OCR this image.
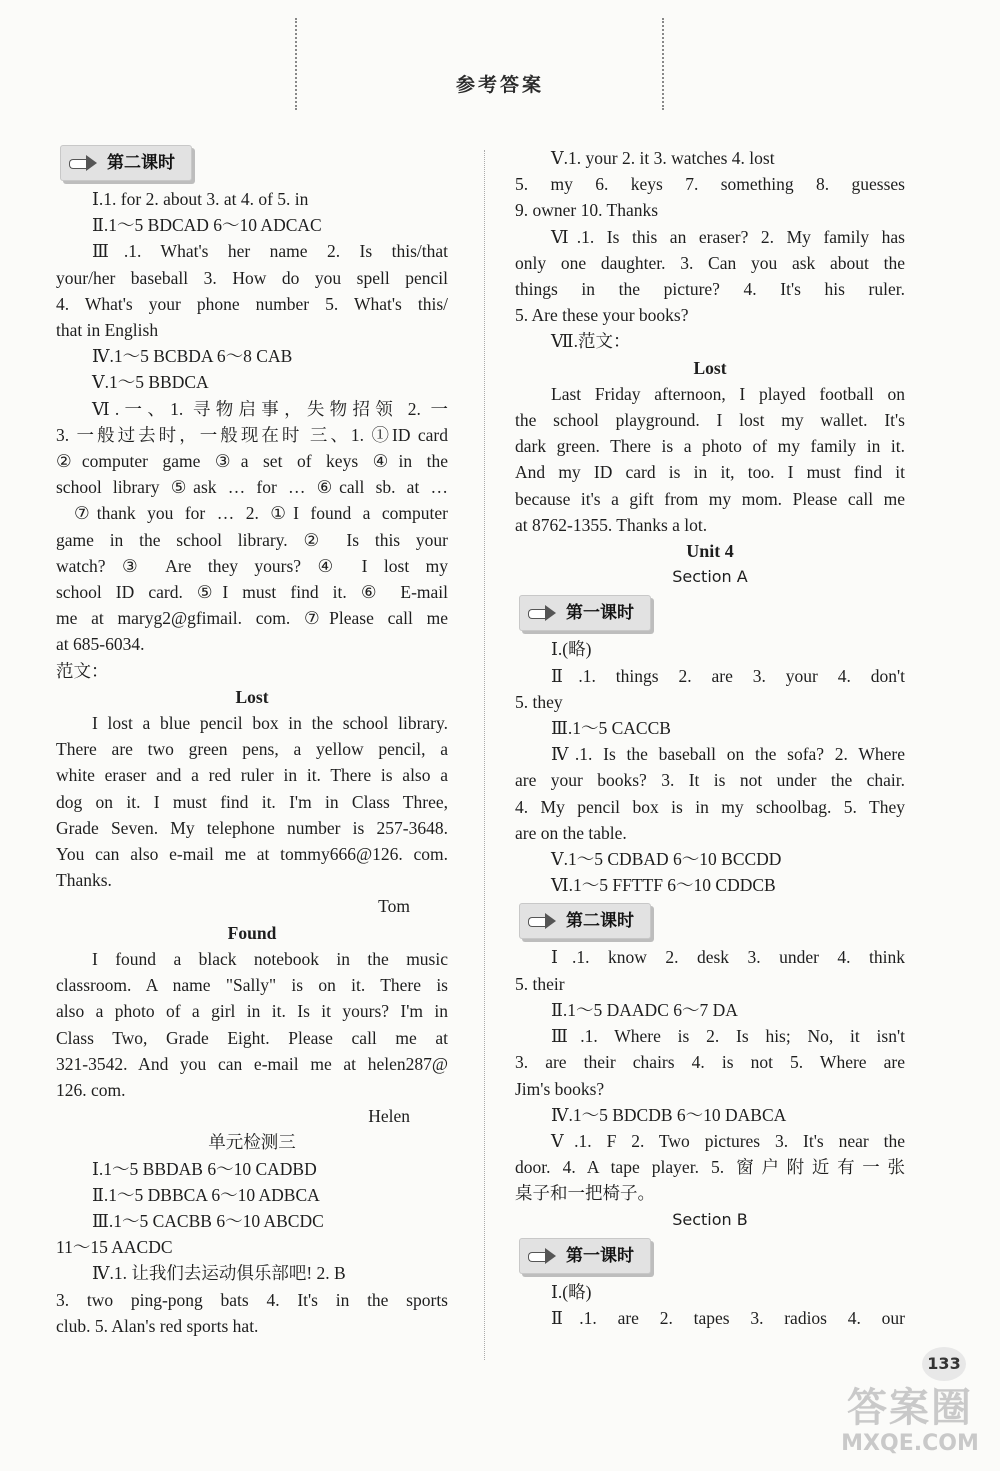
参考答案
第二课时
Ⅰ.1. for 2. about 3. at 4. of 5. in
Ⅱ.1～5 BDCAD 6～10 ADCAC
Ⅲ.1. What's her name 2. Is this/that
your/her baseball 3. How do you spell pencil
4. What's your phone number 5. What's this/
that in English
Ⅳ.1～5 BCBDA 6～8 CAB
Ⅴ.1～5 BBDCA
Ⅵ.一、1. 寻物启事，失物招领 2. 一
3. 一般过去时，一般现在时 三、1. ①ID card
②computer game ③a set of keys ④in the
school library ⑤ask … for … ⑥call sb. at …
⑦thank you for … 2. ①I found a computer
game in the school library. ② Is this your
watch? ③ Are they yours? ④ I lost my
school ID card. ⑤I must find it. ⑥ E-mail
me at maryg2@gfimail. com. ⑦Please call me
at 685-6034.
范文：
Lost
I lost a blue pencil box in the school library.
There are two green pens, a yellow pencil, a
white eraser and a red ruler in it. There is also a
dog on it. I must find it. I'm in Class Three,
Grade Seven. My telephone number is 257-3648.
You can also e-mail me at tommy666@126. com.
Thanks.
Tom
Found
I found a black notebook in the music
classroom. A name "Sally" is on it. There is
also a photo of a girl in it. Is it yours? I'm in
Class Two, Grade Eight. Please call me at
321-3542. And you can e-mail me at helen287@
126. com.
Helen
单元检测三
Ⅰ.1～5 BBDAB 6～10 CADBD
Ⅱ.1～5 DBBCA 6～10 ADBCA
Ⅲ.1～5 CACBB 6～10 ABCDC
11～15 AACDC
Ⅳ.1. 让我们去运动俱乐部吧! 2. B
3. two ping-pong bats 4. It's in the sports
club. 5. Alan's red sports hat.
Ⅴ.1. your 2. it 3. watches 4. lost
5. my 6. keys 7. something 8. guesses
9. owner 10. Thanks
Ⅵ.1. Is this an eraser? 2. My family has
only one daughter. 3. Can you ask about the
things in the picture? 4. It's his ruler.
5. Are these your books?
Ⅶ.范文：
Lost
Last Friday afternoon, I played football on
the school playground. I lost my wallet. It's
dark green. There is a photo of my family in it.
And my ID card is in it, too. I must find it
because it's a gift from my mom. Please call me
at 8762-1355. Thanks a lot.
Unit 4
Section A
第一课时
Ⅰ.(略)
Ⅱ.1. things 2. are 3. your 4. don't
5. they
Ⅲ.1～5 CACCB
Ⅳ.1. Is the baseball on the sofa? 2. Where
are your books? 3. It is not under the chair.
4. My pencil box is in my schoolbag. 5. They
are on the table.
Ⅴ.1～5 CDBAD 6～10 BCCDD
Ⅵ.1～5 FFTTF 6～10 CDDCB
第二课时
Ⅰ.1. know 2. desk 3. under 4. think
5. their
Ⅱ.1～5 DAADC 6～7 DA
Ⅲ.1. Where is 2. Is his; No, it isn't
3. are their chairs 4. is not 5. Where are
Jim's books?
Ⅳ.1～5 BDCDB 6～10 DABCA
Ⅴ.1. F 2. Two pictures 3. It's near the
door. 4. A tape player. 5. 窗户附近有一张
桌子和一把椅子。
Section B
第一课时
Ⅰ.(略)
Ⅱ.1. are 2. tapes 3. radios 4. our
133
答案圈
MXQE.COM
